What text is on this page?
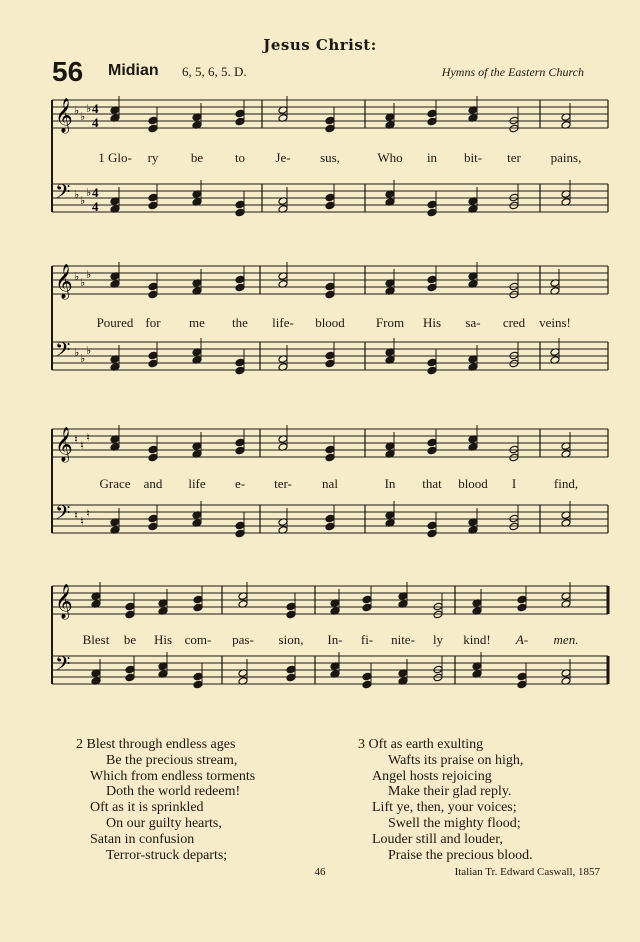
Jesus Christ:
56 Midian 6, 5, 6, 5. D.	Hymns of the Eastern Church
𝄞 ♭ ♭
♭ 4
4
𝄢 ♭ ♭
♭ 4
4
𝄞 ♭ ♭
♭
𝄢 ♭ ♭
♭
𝄞 ♮ ♮
♮
𝄢 ♮ ♮
♮
𝄞
𝄢
1 Glo- ry be to Je- sus,	Who in bit- ter pains,
Poured for me the life- blood From His sa- cred veins!
Grace and life e- ter- nal	In that blood I	find,
Blest be His com- pas- sion, In- fi- nite- ly kind! A- men.
2 Blest through endless ages
Be the precious stream,
Which from endless torments
Doth the world redeem!
Oft as it is sprinkled
On our guilty hearts,
Satan in confusion
Terror-struck departs;
3 Oft as earth exulting
Wafts its praise on high,
Angel hosts rejoicing
Make their glad reply.
Lift ye, then, your voices;
Swell the mighty flood;
Louder still and louder,
Praise the precious blood.
46	Italian Tr. Edward Caswall, 1857
